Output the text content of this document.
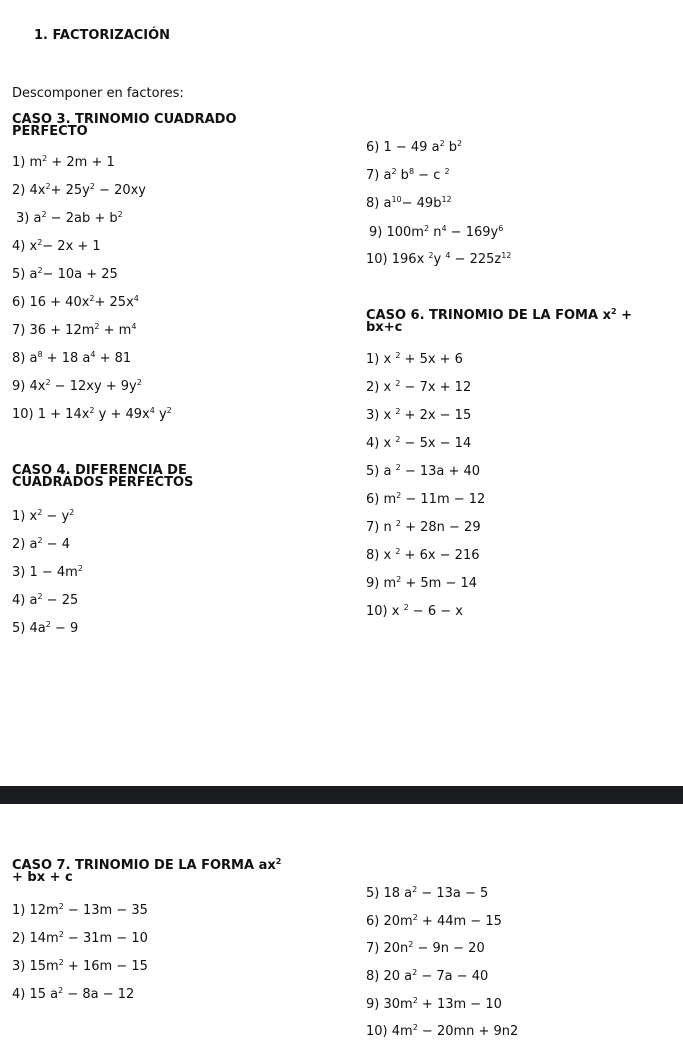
1. FACTORIZACIÓN
Descomponer en factores:
CASO 3. TRINOMIO CUADRADO
PERFECTO
1) $m^2 + 2m + 1$
2) $4x^2+ 25y^2 - 20xy$
3) $a^2 - 2ab + b^2$
4) $x^2- 2x + 1$
5) $a^2- 10a + 25$
6) $16 + 40x^2+ 25x^4$
7) $36 + 12m^2 + m^4$
8) $a^8 + 18$ $a^4 + 81$
9) $4x^2 - 12xy + 9y^2$
10) $1 + 14x^2$ $y + 49x^4$ $y^2$
6) 1 − 49 $a^2$ $b^2$
7) $a^2$ $b^8 - c$ $^2$
8) $a^{10}- 49b^{12}$
9) $100m^2$ $n^4 - 169y^6$
10) 196x $^2$y $^4 - 225z^{12}$
CASO 4. DIFERENCIA DE
CUADRADOS PERFECTOS
1) $x^2 - y^2$
2) $a^2 - 4$
3) $1 - 4m^2$
4) $a^2 - 25$
5) $4a^2 - 9$
CASO 6. TRINOMIO DE LA FOMA $x^2$ +
bx+c
1) x $^2$ + 5x + 6
2) x $^2$ − 7x + 12
3) x $^2$ + 2x − 15
4) x $^2$ − 5x − 14
5) a $^2$ − 13a + 40
6) $m^2 - 11m - 12$
7) n $^2$ + 28n − 29
8) x $^2$ + 6x − 216
9) $m^2 + 5m - 14$
10) x $^2$ − 6 − x
CASO 7. TRINOMIO DE LA FORMA $ax^2$
+ bx + c
1) $12m^2 - 13m - 35$
2) $14m^2 - 31m - 10$
3) $15m^2 + 16m - 15$
4) 15 $a^2 - 8a - 12$
5) 18 $a^2 - 13a - 5$
6) $20m^2 + 44m - 15$
7) $20n^2 - 9n - 20$
8) 20 $a^2 - 7a - 40$
9) $30m^2 + 13m - 10$
10) $4m^2 - 20mn + 9n2$
